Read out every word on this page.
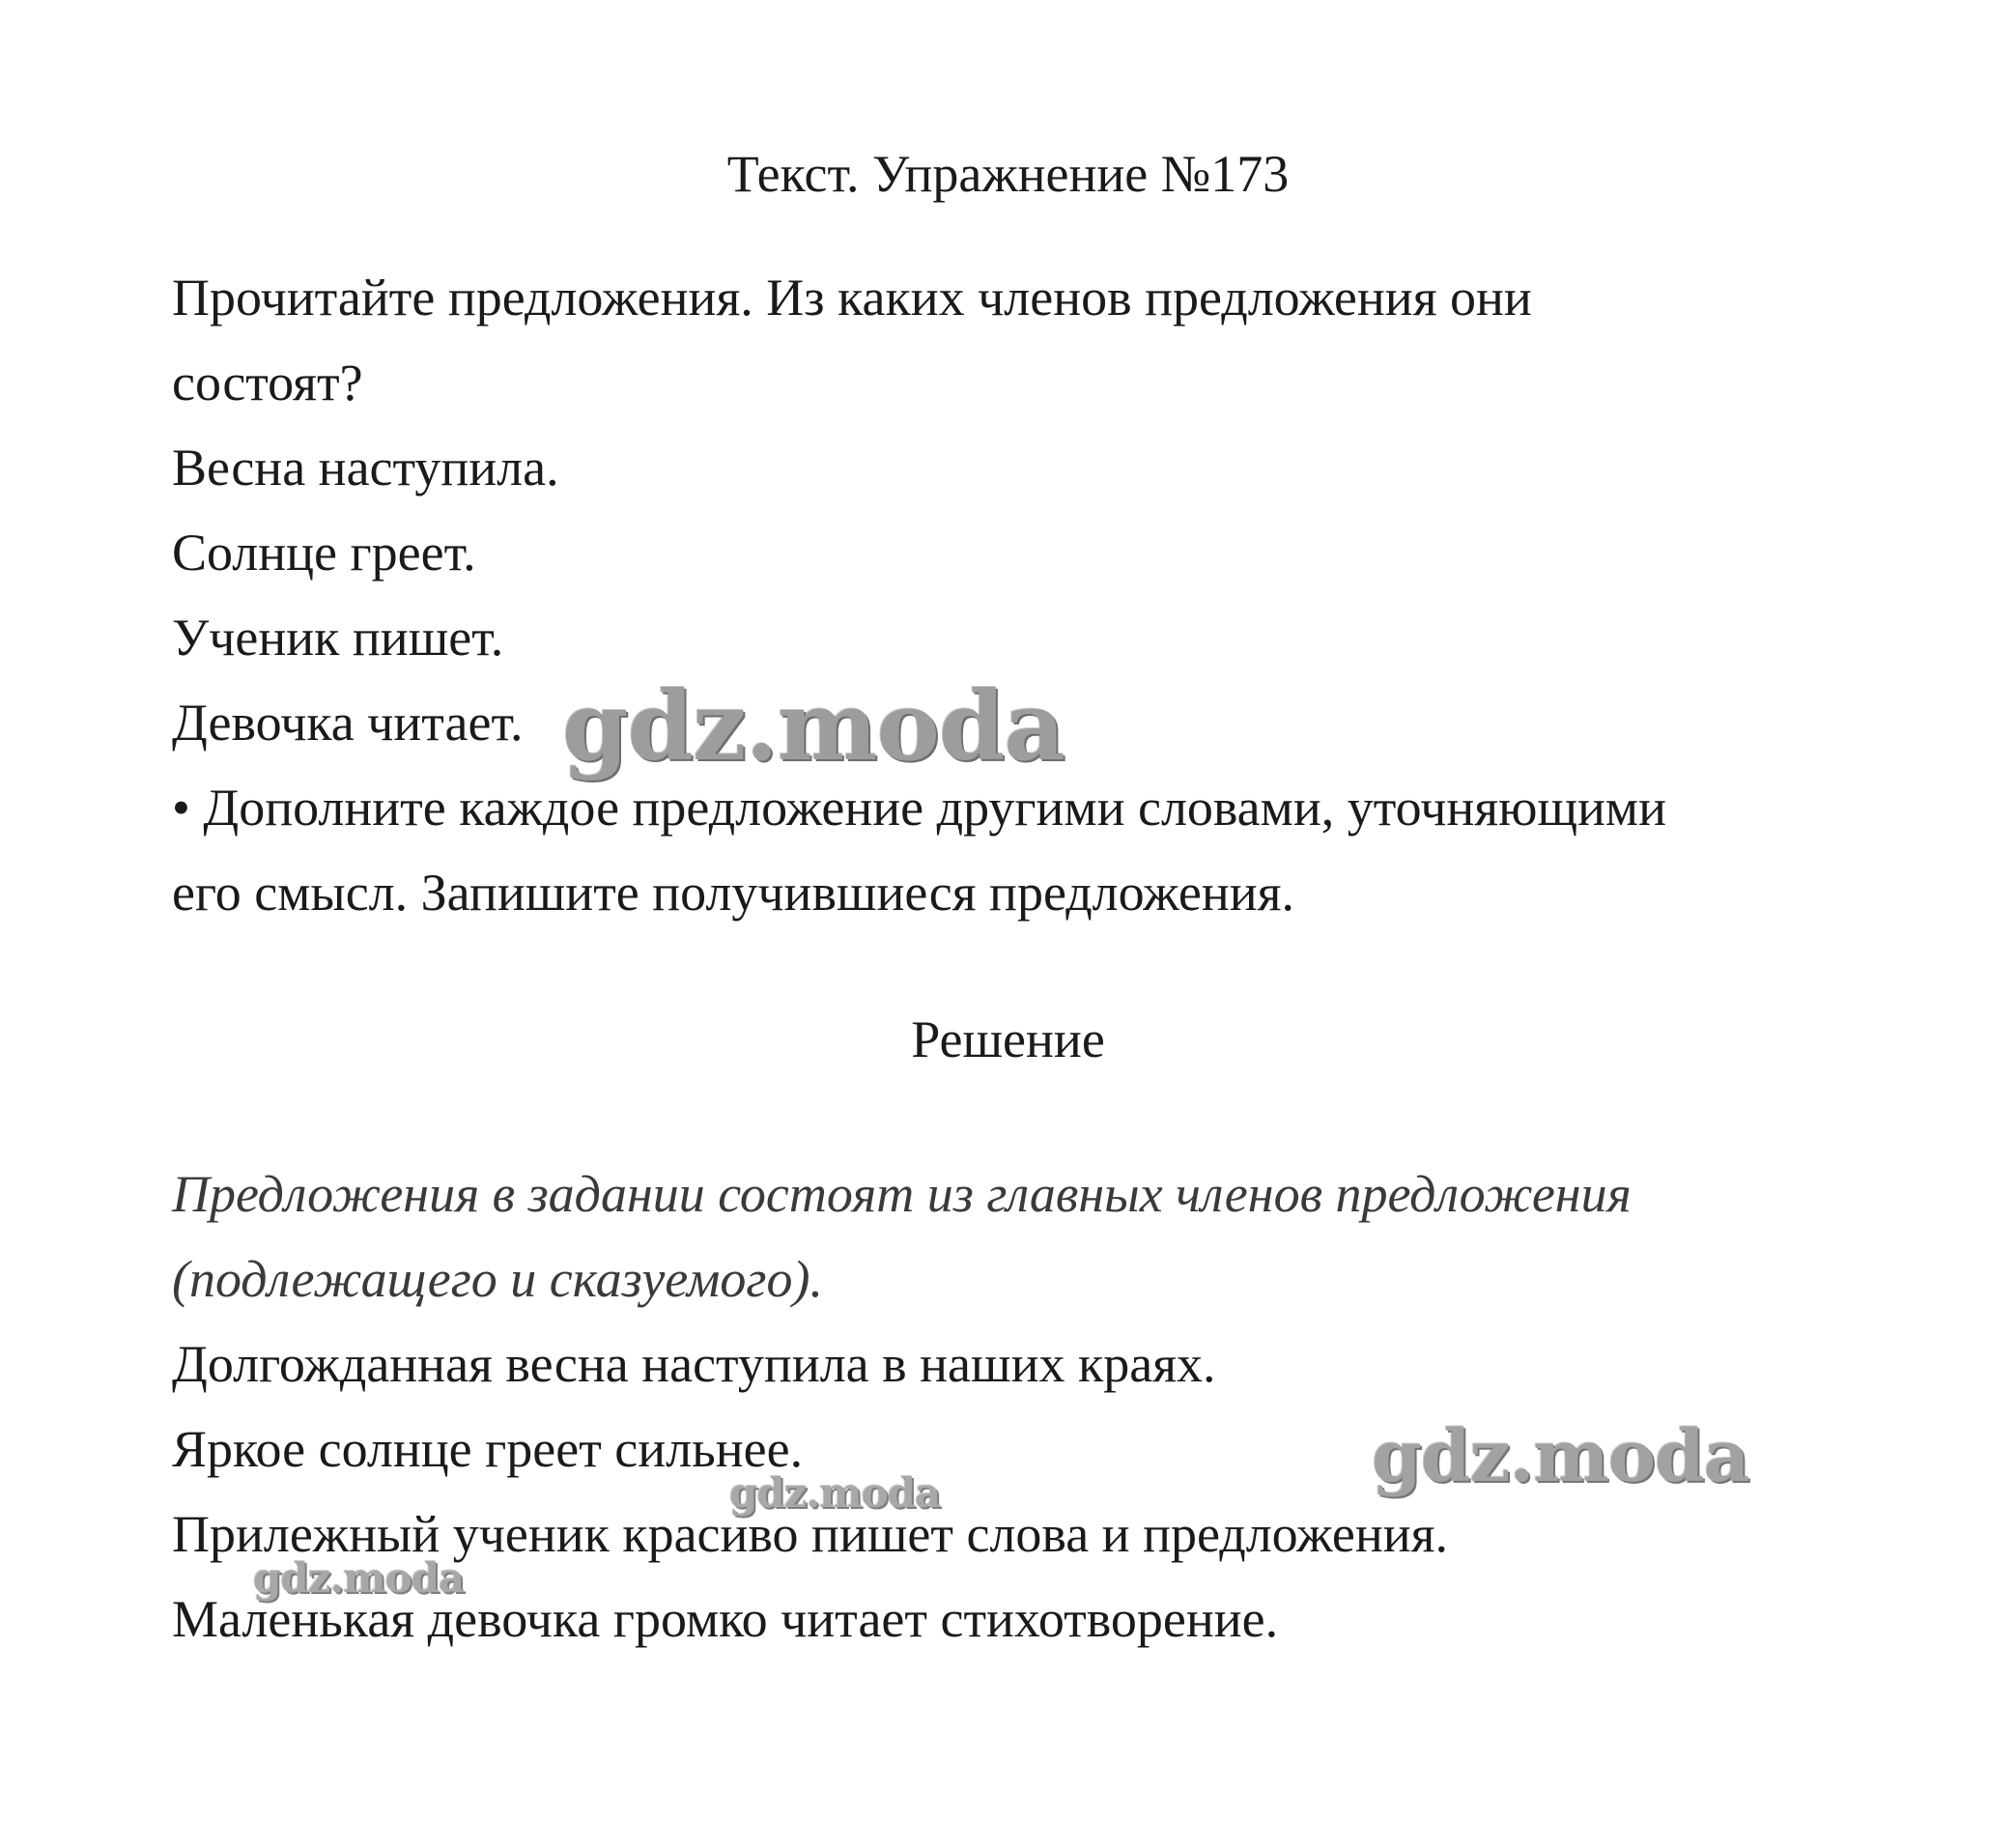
Текст. Упражнение №173
Прочитайте предложения. Из каких членов предложения они
состоят?
Весна наступила.
Солнце греет.
Ученик пишет.
Девочка читает.
• Дополните каждое предложение другими словами, уточняющими
его смысл. Запишите получившиеся предложения.
Решение
Предложения в задании состоят из главных членов предложения
(подлежащего и сказуемого).
Долгожданная весна наступила в наших краях.
Яркое солнце греет сильнее.
Прилежный ученик красиво пишет слова и предложения.
Маленькая девочка громко читает стихотворение.
gdz.moda
gdz.moda
gdz.moda
gdz.moda
